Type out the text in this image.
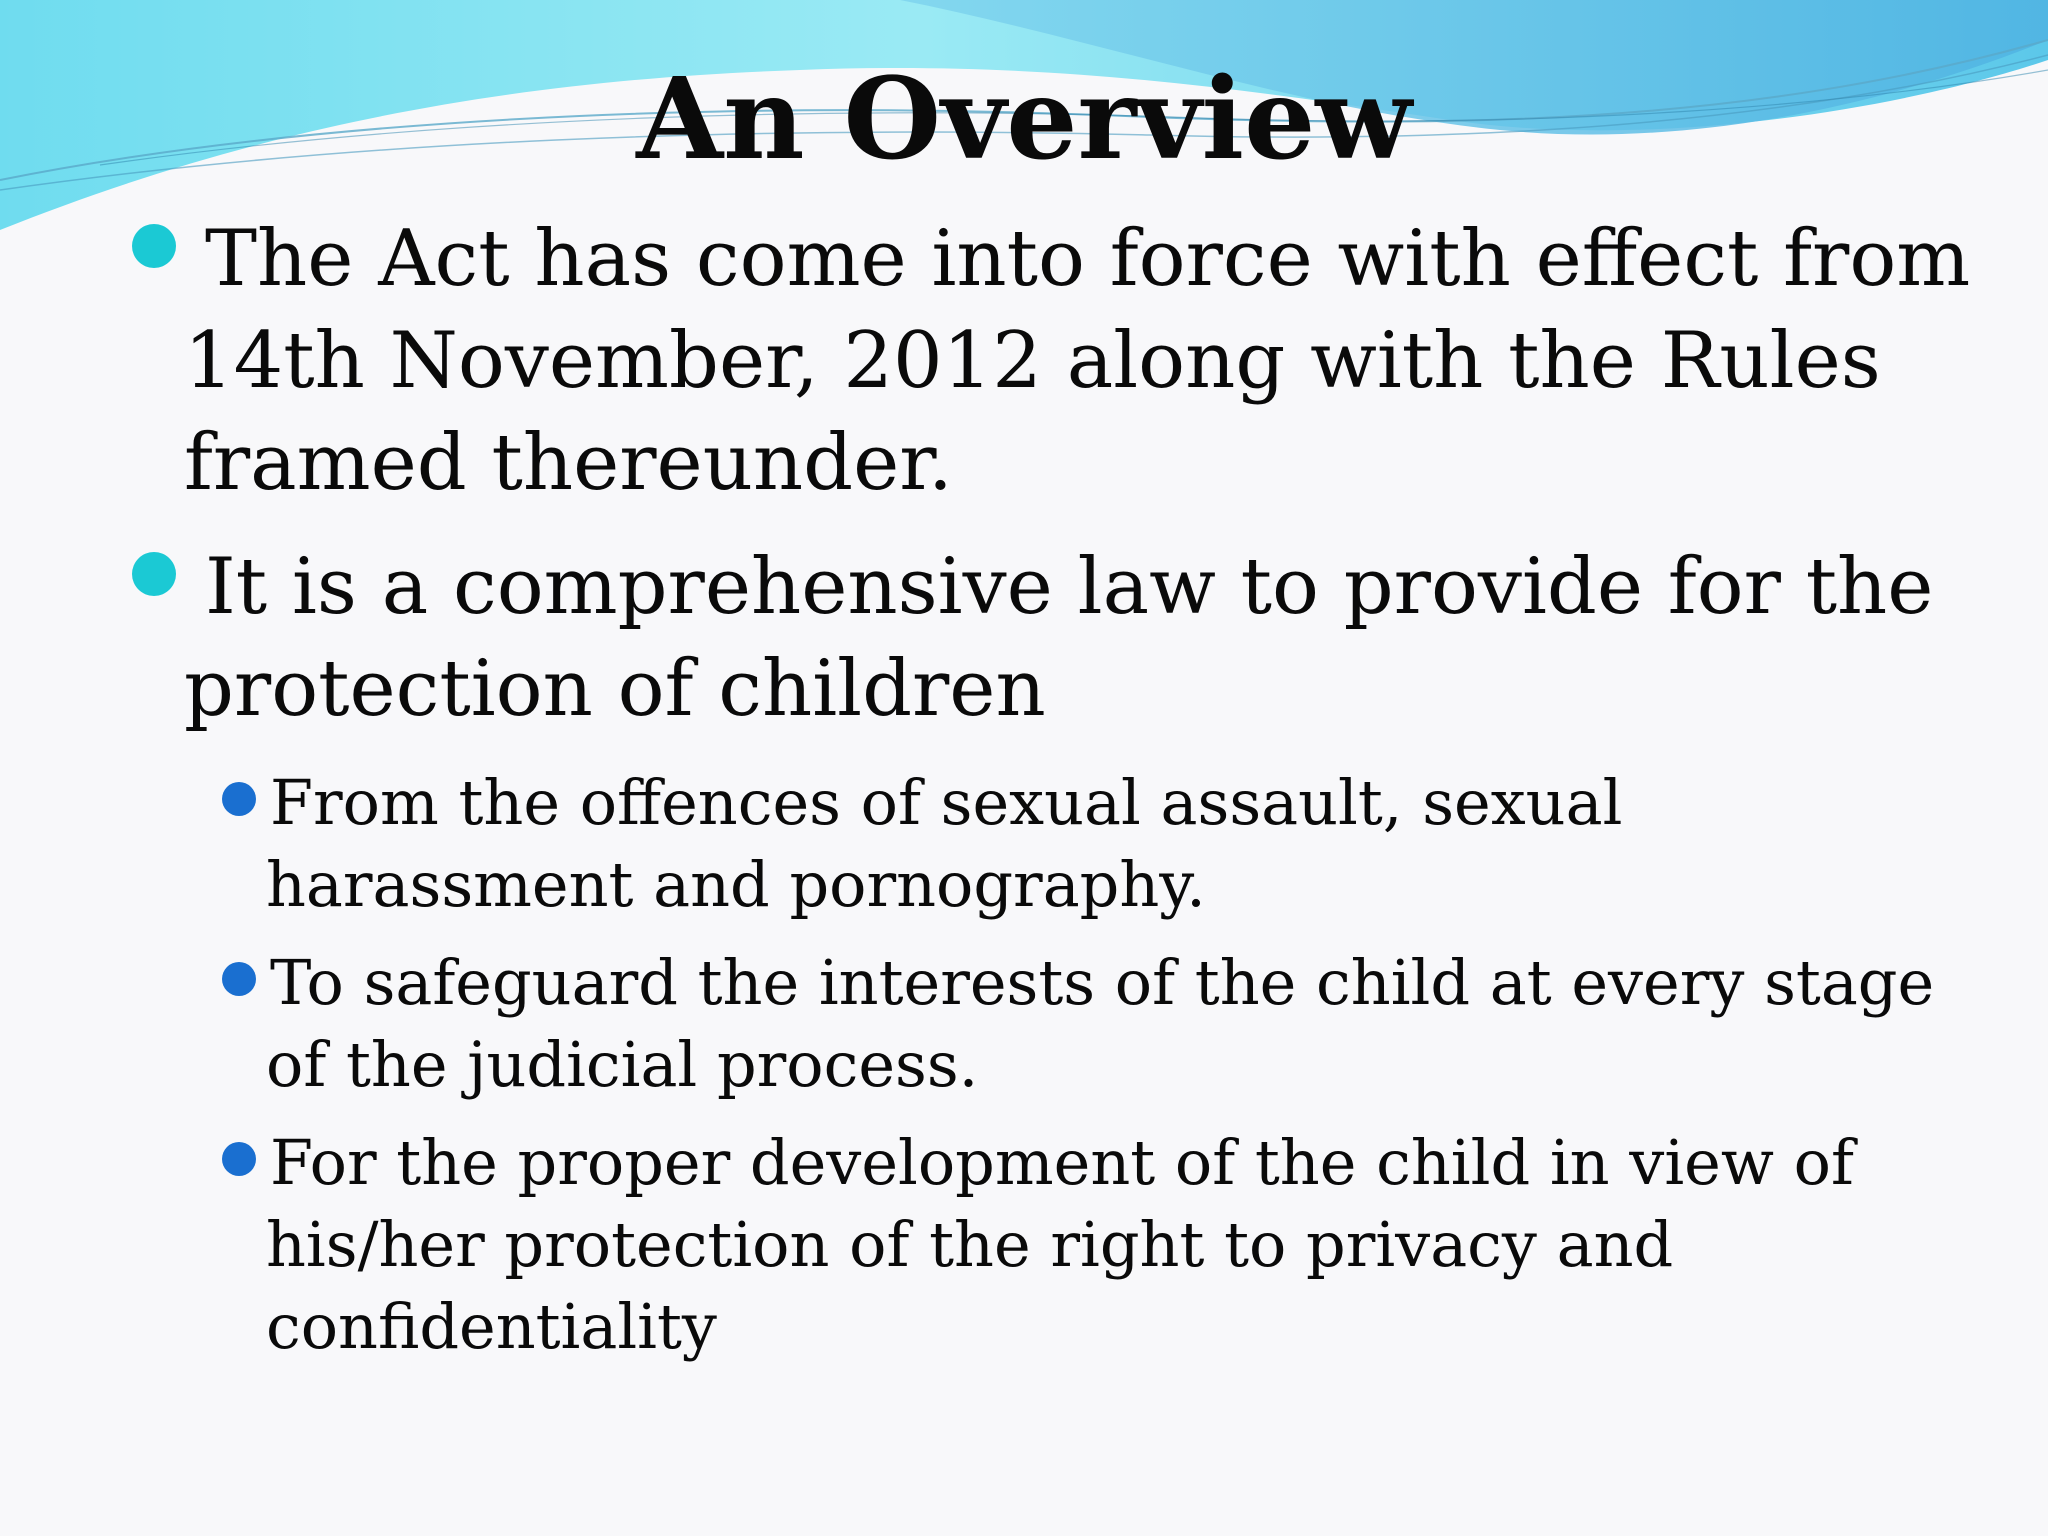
An Overview
The Act has come into force with effect from 14th November, 2012 along with the Rules framed thereunder.
It is a comprehensive law to provide for the protection of children
From the offences of sexual assault, sexual harassment and pornography.
To safeguard the interests of the child at every stage of the judicial process.
For the proper development of the child in view of his/her protection of the right to privacy and confidentiality
